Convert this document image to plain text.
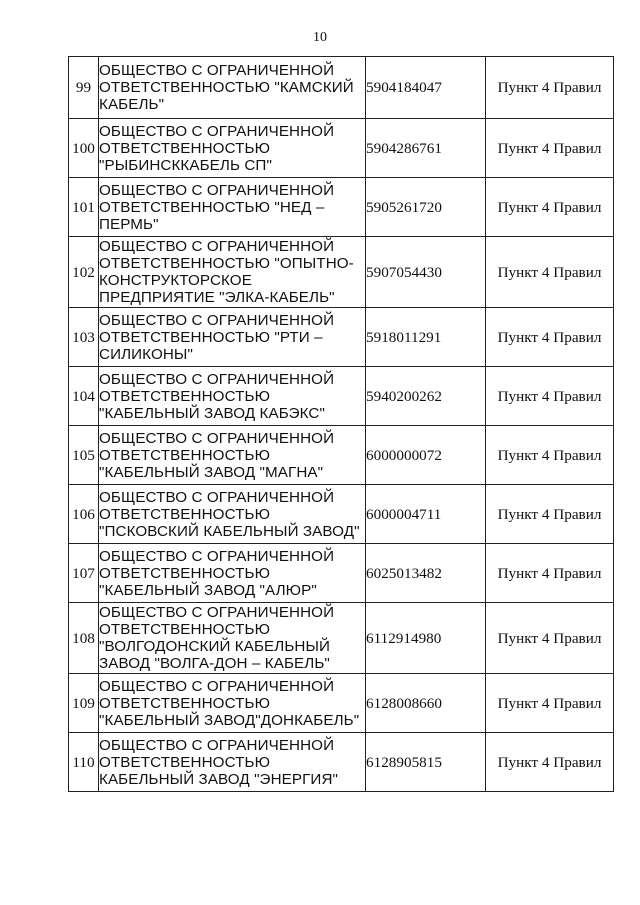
10
99	ОБЩЕСТВО С ОГРАНИЧЕННОЙ ОТВЕТСТВЕННОСТЬЮ "КАМСКИЙ КАБЕЛЬ"	5904184047	Пункт 4 Правил
100	ОБЩЕСТВО С ОГРАНИЧЕННОЙ ОТВЕТСТВЕННОСТЬЮ "РЫБИНСККАБЕЛЬ СП"	5904286761	Пункт 4 Правил
101	ОБЩЕСТВО С ОГРАНИЧЕННОЙ ОТВЕТСТВЕННОСТЬЮ "НЕД – ПЕРМЬ"	5905261720	Пункт 4 Правил
102	ОБЩЕСТВО С ОГРАНИЧЕННОЙ ОТВЕТСТВЕННОСТЬЮ "ОПЫТНО-КОНСТРУКТОРСКОЕ ПРЕДПРИЯТИЕ "ЭЛКА-КАБЕЛЬ"	5907054430	Пункт 4 Правил
103	ОБЩЕСТВО С ОГРАНИЧЕННОЙ ОТВЕТСТВЕННОСТЬЮ "РТИ – СИЛИКОНЫ"	5918011291	Пункт 4 Правил
104	ОБЩЕСТВО С ОГРАНИЧЕННОЙ ОТВЕТСТВЕННОСТЬЮ "КАБЕЛЬНЫЙ ЗАВОД КАБЭКС"	5940200262	Пункт 4 Правил
105	ОБЩЕСТВО С ОГРАНИЧЕННОЙ ОТВЕТСТВЕННОСТЬЮ "КАБЕЛЬНЫЙ ЗАВОД "МАГНА"	6000000072	Пункт 4 Правил
106	ОБЩЕСТВО С ОГРАНИЧЕННОЙ ОТВЕТСТВЕННОСТЬЮ "ПСКОВСКИЙ КАБЕЛЬНЫЙ ЗАВОД"	6000004711	Пункт 4 Правил
107	ОБЩЕСТВО С ОГРАНИЧЕННОЙ ОТВЕТСТВЕННОСТЬЮ "КАБЕЛЬНЫЙ ЗАВОД "АЛЮР"	6025013482	Пункт 4 Правил
108	ОБЩЕСТВО С ОГРАНИЧЕННОЙ ОТВЕТСТВЕННОСТЬЮ "ВОЛГОДОНСКИЙ КАБЕЛЬНЫЙ ЗАВОД "ВОЛГА-ДОН – КАБЕЛЬ"	6112914980	Пункт 4 Правил
109	ОБЩЕСТВО С ОГРАНИЧЕННОЙ ОТВЕТСТВЕННОСТЬЮ "КАБЕЛЬНЫЙ ЗАВОД"ДОНКАБЕЛЬ"	6128008660	Пункт 4 Правил
110	ОБЩЕСТВО С ОГРАНИЧЕННОЙ ОТВЕТСТВЕННОСТЬЮ КАБЕЛЬНЫЙ ЗАВОД "ЭНЕРГИЯ"	6128905815	Пункт 4 Правил
